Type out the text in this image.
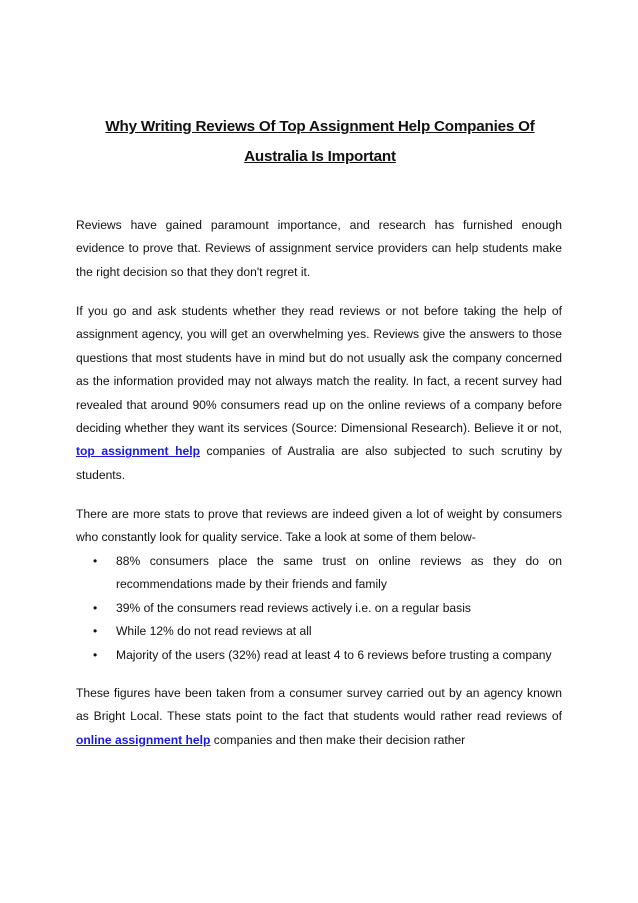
Why Writing Reviews Of Top Assignment Help Companies Of
Australia Is Important

Reviews have gained paramount importance, and research has furnished enough evidence to prove that. Reviews of assignment service providers can help students make the right decision so that they don't regret it.

If you go and ask students whether they read reviews or not before taking the help of assignment agency, you will get an overwhelming yes. Reviews give the answers to those questions that most students have in mind but do not usually ask the company concerned as the information provided may not always match the reality. In fact, a recent survey had revealed that around 90% consumers read up on the online reviews of a company before deciding whether they want its services (Source: Dimensional Research). Believe it or not, top assignment help companies of Australia are also subjected to such scrutiny by students.

There are more stats to prove that reviews are indeed given a lot of weight by consumers who constantly look for quality service. Take a look at some of them below-

• 88% consumers place the same trust on online reviews as they do on recommendations made by their friends and family
• 39% of the consumers read reviews actively i.e. on a regular basis
• While 12% do not read reviews at all
• Majority of the users (32%) read at least 4 to 6 reviews before trusting a company

These figures have been taken from a consumer survey carried out by an agency known as Bright Local. These stats point to the fact that students would rather read reviews of online assignment help companies and then make their decision rather
